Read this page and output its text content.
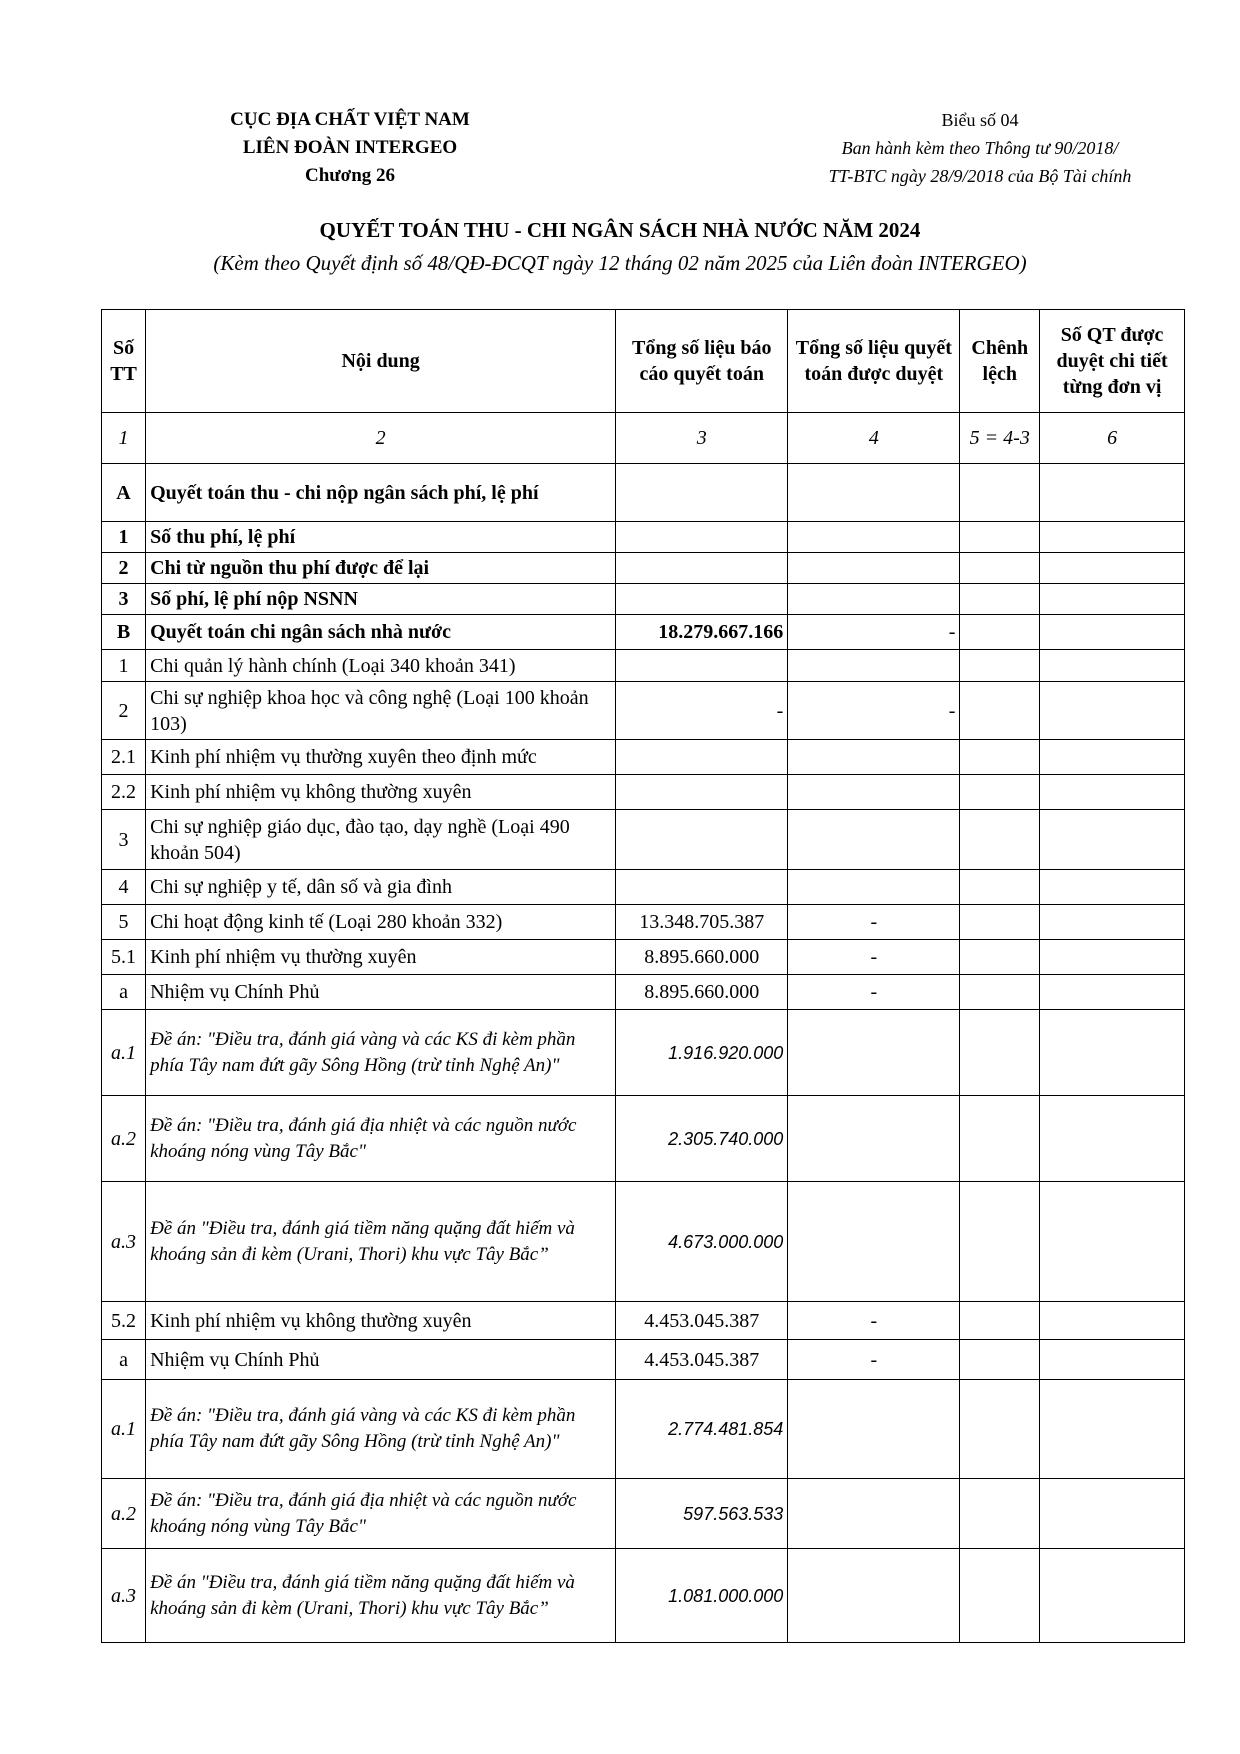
CỤC ĐỊA CHẤT VIỆT NAM
LIÊN ĐOÀN INTERGEO
Chương 26
Biểu số 04
Ban hành kèm theo Thông tư 90/2018/
TT-BTC ngày 28/9/2018 của Bộ Tài chính
QUYẾT TOÁN THU - CHI NGÂN SÁCH NHÀ NƯỚC NĂM 2024
(Kèm theo Quyết định số 48/QĐ-ĐCQT ngày 12 tháng 02 năm 2025 của Liên đoàn INTERGEO)
Số TT	Nội dung	Tổng số liệu báo cáo quyết toán	Tổng số liệu quyết toán được duyệt	Chênh lệch	Số QT được duyệt chi tiết từng đơn vị
1	2	3	4	5 = 4-3	6
A	Quyết toán thu - chi nộp ngân sách phí, lệ phí				
1	Số thu phí, lệ phí				
2	Chi từ nguồn thu phí được để lại				
3	Số phí, lệ phí nộp NSNN				
B	Quyết toán chi ngân sách nhà nước	18.279.667.166	-		
1	Chi quản lý hành chính (Loại 340 khoản 341)				
2	Chi sự nghiệp khoa học và công nghệ (Loại 100 khoản 103)	-	-		
2.1	Kinh phí nhiệm vụ thường xuyên theo định mức				
2.2	Kinh phí nhiệm vụ không thường xuyên				
3	Chi sự nghiệp giáo dục, đào tạo, dạy nghề (Loại 490 khoản 504)				
4	Chi sự nghiệp y tế, dân số và gia đình				
5	Chi hoạt động kinh tế (Loại 280 khoản 332)	13.348.705.387	-		
5.1	Kinh phí nhiệm vụ thường xuyên	8.895.660.000	-		
a	Nhiệm vụ Chính Phủ	8.895.660.000	-		
a.1	Đề án: "Điều tra, đánh giá vàng và các KS đi kèm phần phía Tây nam đứt gãy Sông Hồng (trừ tỉnh Nghệ An)"	1.916.920.000			
a.2	Đề án: "Điều tra, đánh giá địa nhiệt và các nguồn nước khoáng nóng vùng Tây Bắc"	2.305.740.000			
a.3	Đề án "Điều tra, đánh giá tiềm năng quặng đất hiếm và khoáng sản đi kèm (Urani, Thori) khu vực Tây Bắc”	4.673.000.000			
5.2	Kinh phí nhiệm vụ không thường xuyên	4.453.045.387	-		
a	Nhiệm vụ Chính Phủ	4.453.045.387	-		
a.1	Đề án: "Điều tra, đánh giá vàng và các KS đi kèm phần phía Tây nam đứt gãy Sông Hồng (trừ tỉnh Nghệ An)"	2.774.481.854			
a.2	Đề án: "Điều tra, đánh giá địa nhiệt và các nguồn nước khoáng nóng vùng Tây Bắc"	597.563.533			
a.3	Đề án "Điều tra, đánh giá tiềm năng quặng đất hiếm và khoáng sản đi kèm (Urani, Thori) khu vực Tây Bắc”	1.081.000.000			
